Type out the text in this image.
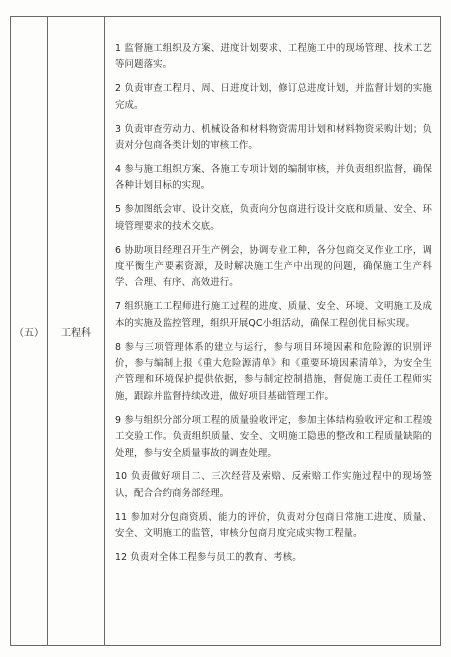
（五）	工程科

1 监督施工组织及方案、进度计划要求、工程施工中的现场管理、技术工艺等问题落实。

2 负责审查工程月、周、日进度计划，修订总进度计划，并监督计划的实施完成。

3 负责审查劳动力、机械设备和材料物资需用计划和材料物资采购计划；负责对分包商各类计划的审核工作。

4 参与施工组织方案、各施工专项计划的编制审核，并负责组织监督，确保各种计划目标的实现。

5 参加图纸会审、设计交底，负责向分包商进行设计交底和质量、安全、环境管理要求的技术交底。

6 协助项目经理召开生产例会，协调专业工种，各分包商交叉作业工序，调度平衡生产要素资源，及时解决施工生产中出现的问题，确保施工生产科学、合理、有序、高效进行。

7 组织施工工程师进行施工过程的进度、质量、安全、环境、文明施工及成本的实施及监控管理，组织开展QC小组活动，确保工程创优目标实现。

8 参与三项管理体系的建立与运行，参与项目环境因素和危险源的识别评价，参与编制上报《重大危险源清单》和《重要环境因素清单》，为安全生产管理和环境保护提供依据，参与制定控制措施，督促施工责任工程师实施，跟踪并监督持续改进，做好项目基础管理工作。

9 参与组织分部分项工程的质量验收评定，参加主体结构验收评定和工程竣工交验工作。负责组织质量、安全、文明施工隐患的整改和工程质量缺陷的处理，参与安全质量事故的调查处理。

10 负责做好项目二、三次经营及索赔、反索赔工作实施过程中的现场签认，配合合约商务部经理。

11 参加对分包商资质、能力的评价，负责对分包商日常施工进度、质量、安全、文明施工的监管，审核分包商月度完成实物工程量。

12 负责对全体工程参与员工的教育、考核。
